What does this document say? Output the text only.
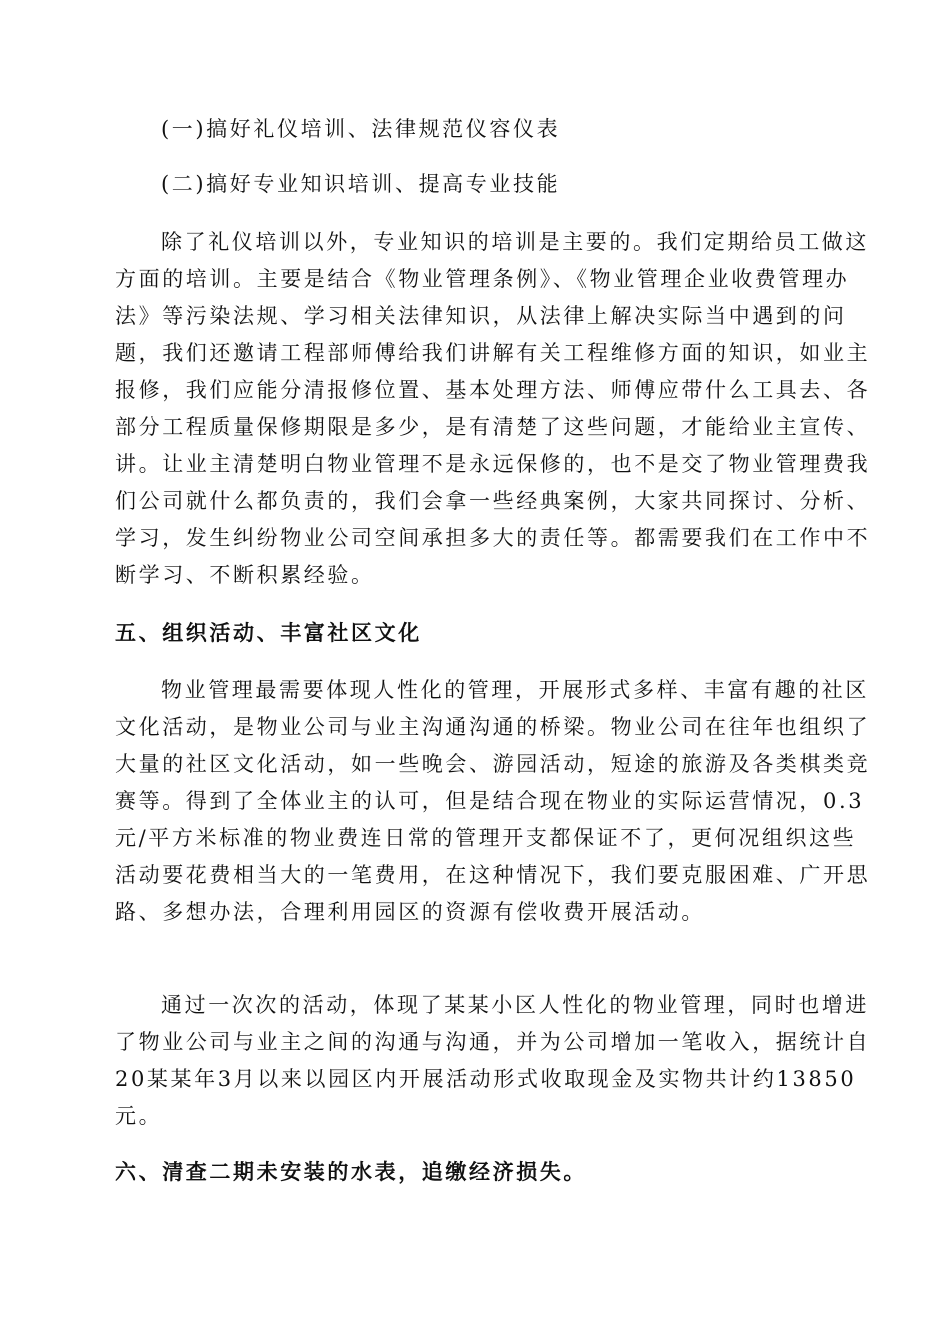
(一)搞好礼仪培训、法律规范仪容仪表
(二)搞好专业知识培训、提高专业技能
除了礼仪培训以外，专业知识的培训是主要的。我们定期给员工做这
方面的培训。主要是结合《物业管理条例》、《物业管理企业收费管理办
法》等污染法规、学习相关法律知识，从法律上解决实际当中遇到的问
题，我们还邀请工程部师傅给我们讲解有关工程维修方面的知识，如业主
报修，我们应能分清报修位置、基本处理方法、师傅应带什么工具去、各
部分工程质量保修期限是多少，是有清楚了这些问题，才能给业主宣传、
讲。让业主清楚明白物业管理不是永远保修的，也不是交了物业管理费我
们公司就什么都负责的，我们会拿一些经典案例，大家共同探讨、分析、
学习，发生纠纷物业公司空间承担多大的责任等。都需要我们在工作中不
断学习、不断积累经验。
五、组织活动、丰富社区文化
物业管理最需要体现人性化的管理，开展形式多样、丰富有趣的社区
文化活动，是物业公司与业主沟通沟通的桥梁。物业公司在往年也组织了
大量的社区文化活动，如一些晚会、游园活动，短途的旅游及各类棋类竞
赛等。得到了全体业主的认可，但是结合现在物业的实际运营情况，0.3
元/平方米标准的物业费连日常的管理开支都保证不了，更何况组织这些
活动要花费相当大的一笔费用，在这种情况下，我们要克服困难、广开思
路、多想办法，合理利用园区的资源有偿收费开展活动。
通过一次次的活动，体现了某某小区人性化的物业管理，同时也增进
了物业公司与业主之间的沟通与沟通，并为公司增加一笔收入，据统计自
20某某年3月以来以园区内开展活动形式收取现金及实物共计约13850
元。
六、清查二期未安装的水表，追缴经济损失。
